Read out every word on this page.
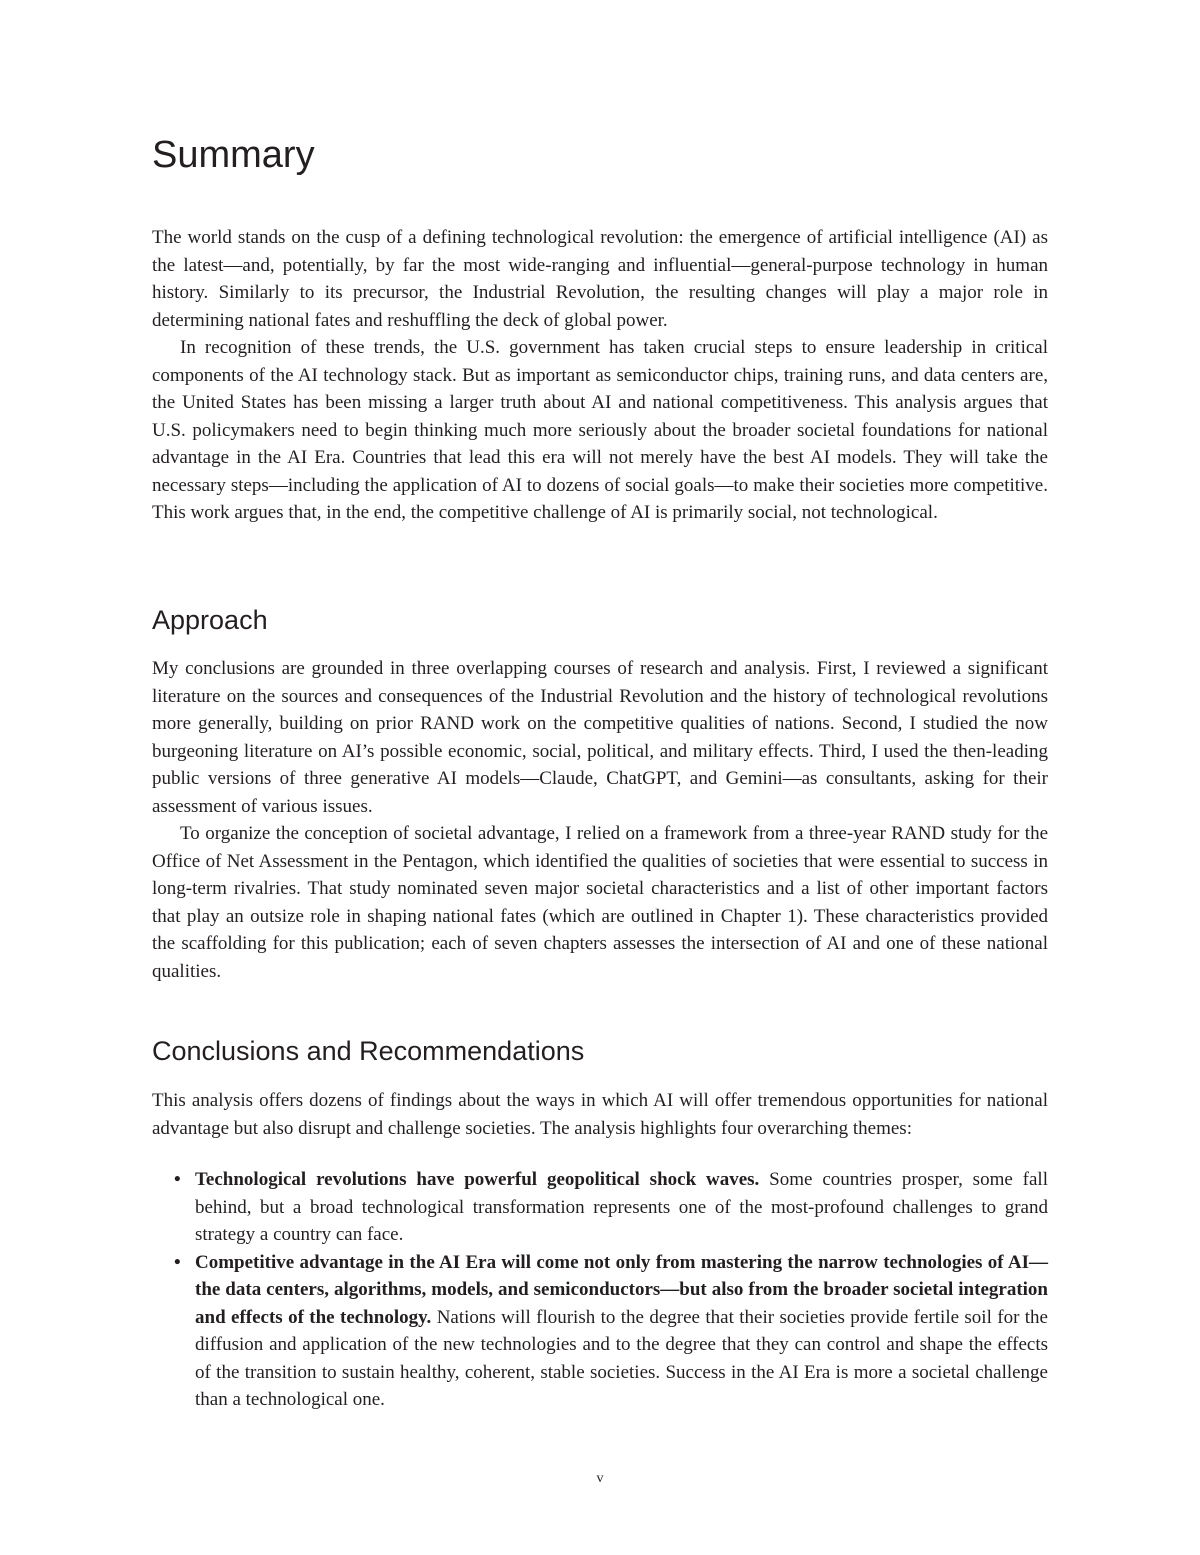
Summary

The world stands on the cusp of a defining technological revolution: the emergence of artificial intelligence (AI) as the latest—and, potentially, by far the most wide-ranging and influential—general-purpose technology in human history. Similarly to its precursor, the Industrial Revolution, the resulting changes will play a major role in determining national fates and reshuffling the deck of global power.

In recognition of these trends, the U.S. government has taken crucial steps to ensure leadership in critical components of the AI technology stack. But as important as semiconductor chips, training runs, and data centers are, the United States has been missing a larger truth about AI and national competitiveness. This analysis argues that U.S. policymakers need to begin thinking much more seriously about the broader societal foundations for national advantage in the AI Era. Countries that lead this era will not merely have the best AI models. They will take the necessary steps—including the application of AI to dozens of social goals—to make their societies more competitive. This work argues that, in the end, the competitive challenge of AI is primarily social, not technological.

Approach

My conclusions are grounded in three overlapping courses of research and analysis. First, I reviewed a significant literature on the sources and consequences of the Industrial Revolution and the history of technological revolutions more generally, building on prior RAND work on the competitive qualities of nations. Second, I studied the now burgeoning literature on AI’s possible economic, social, political, and military effects. Third, I used the then-leading public versions of three generative AI models—Claude, ChatGPT, and Gemini—as consultants, asking for their assessment of various issues.

To organize the conception of societal advantage, I relied on a framework from a three-year RAND study for the Office of Net Assessment in the Pentagon, which identified the qualities of societies that were essential to success in long-term rivalries. That study nominated seven major societal characteristics and a list of other important factors that play an outsize role in shaping national fates (which are outlined in Chapter 1). These characteristics provided the scaffolding for this publication; each of seven chapters assesses the intersection of AI and one of these national qualities.

Conclusions and Recommendations

This analysis offers dozens of findings about the ways in which AI will offer tremendous opportunities for national advantage but also disrupt and challenge societies. The analysis highlights four overarching themes:

• Technological revolutions have powerful geopolitical shock waves. Some countries prosper, some fall behind, but a broad technological transformation represents one of the most-profound challenges to grand strategy a country can face.
• Competitive advantage in the AI Era will come not only from mastering the narrow technologies of AI—the data centers, algorithms, models, and semiconductors—but also from the broader societal integration and effects of the technology. Nations will flourish to the degree that their societies provide fertile soil for the diffusion and application of the new technologies and to the degree that they can control and shape the effects of the transition to sustain healthy, coherent, stable societies. Success in the AI Era is more a societal challenge than a technological one.
v
